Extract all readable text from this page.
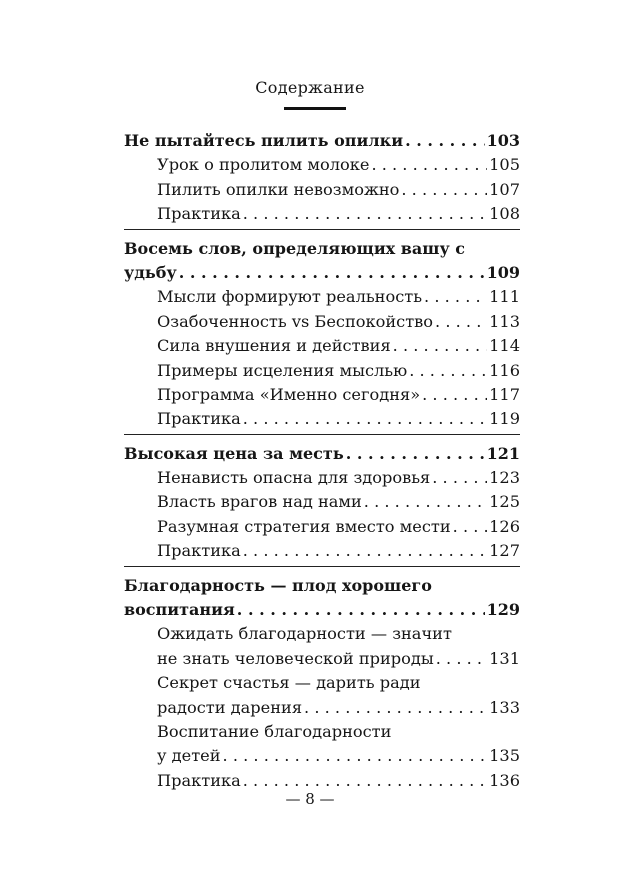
Содержание
Не пытайтесь пилить опилки . . .	103
Урок о пролитом молоке . . .	105
Пилить опилки невозможно . . .	107
Практика . . .	108
Восемь слов, определяющих вашу с
удьбу . . .	109
Мысли формируют реальность . . .	111
Озабоченность vs Беспокойство . . .	113
Сила внушения и действия . . .	114
Примеры исцеления мыслью . . .	116
Программа «Именно сегодня» . . .	117
Практика . . .	119
Высокая цена за месть . . .	121
Ненависть опасна для здоровья . . .	123
Власть врагов над нами . . .	125
Разумная стратегия вместо мести . . . 126
Практика . . .	127
Благодарность — плод хорошего
воспитания . . .	129
Ожидать благодарности — значит
не знать человеческой природы . . .	131
Секрет счастья — дарить ради
радости дарения . . .	133
Воспитание благодарности
у детей . . .	135
Практика . . .	136
— 8 —
